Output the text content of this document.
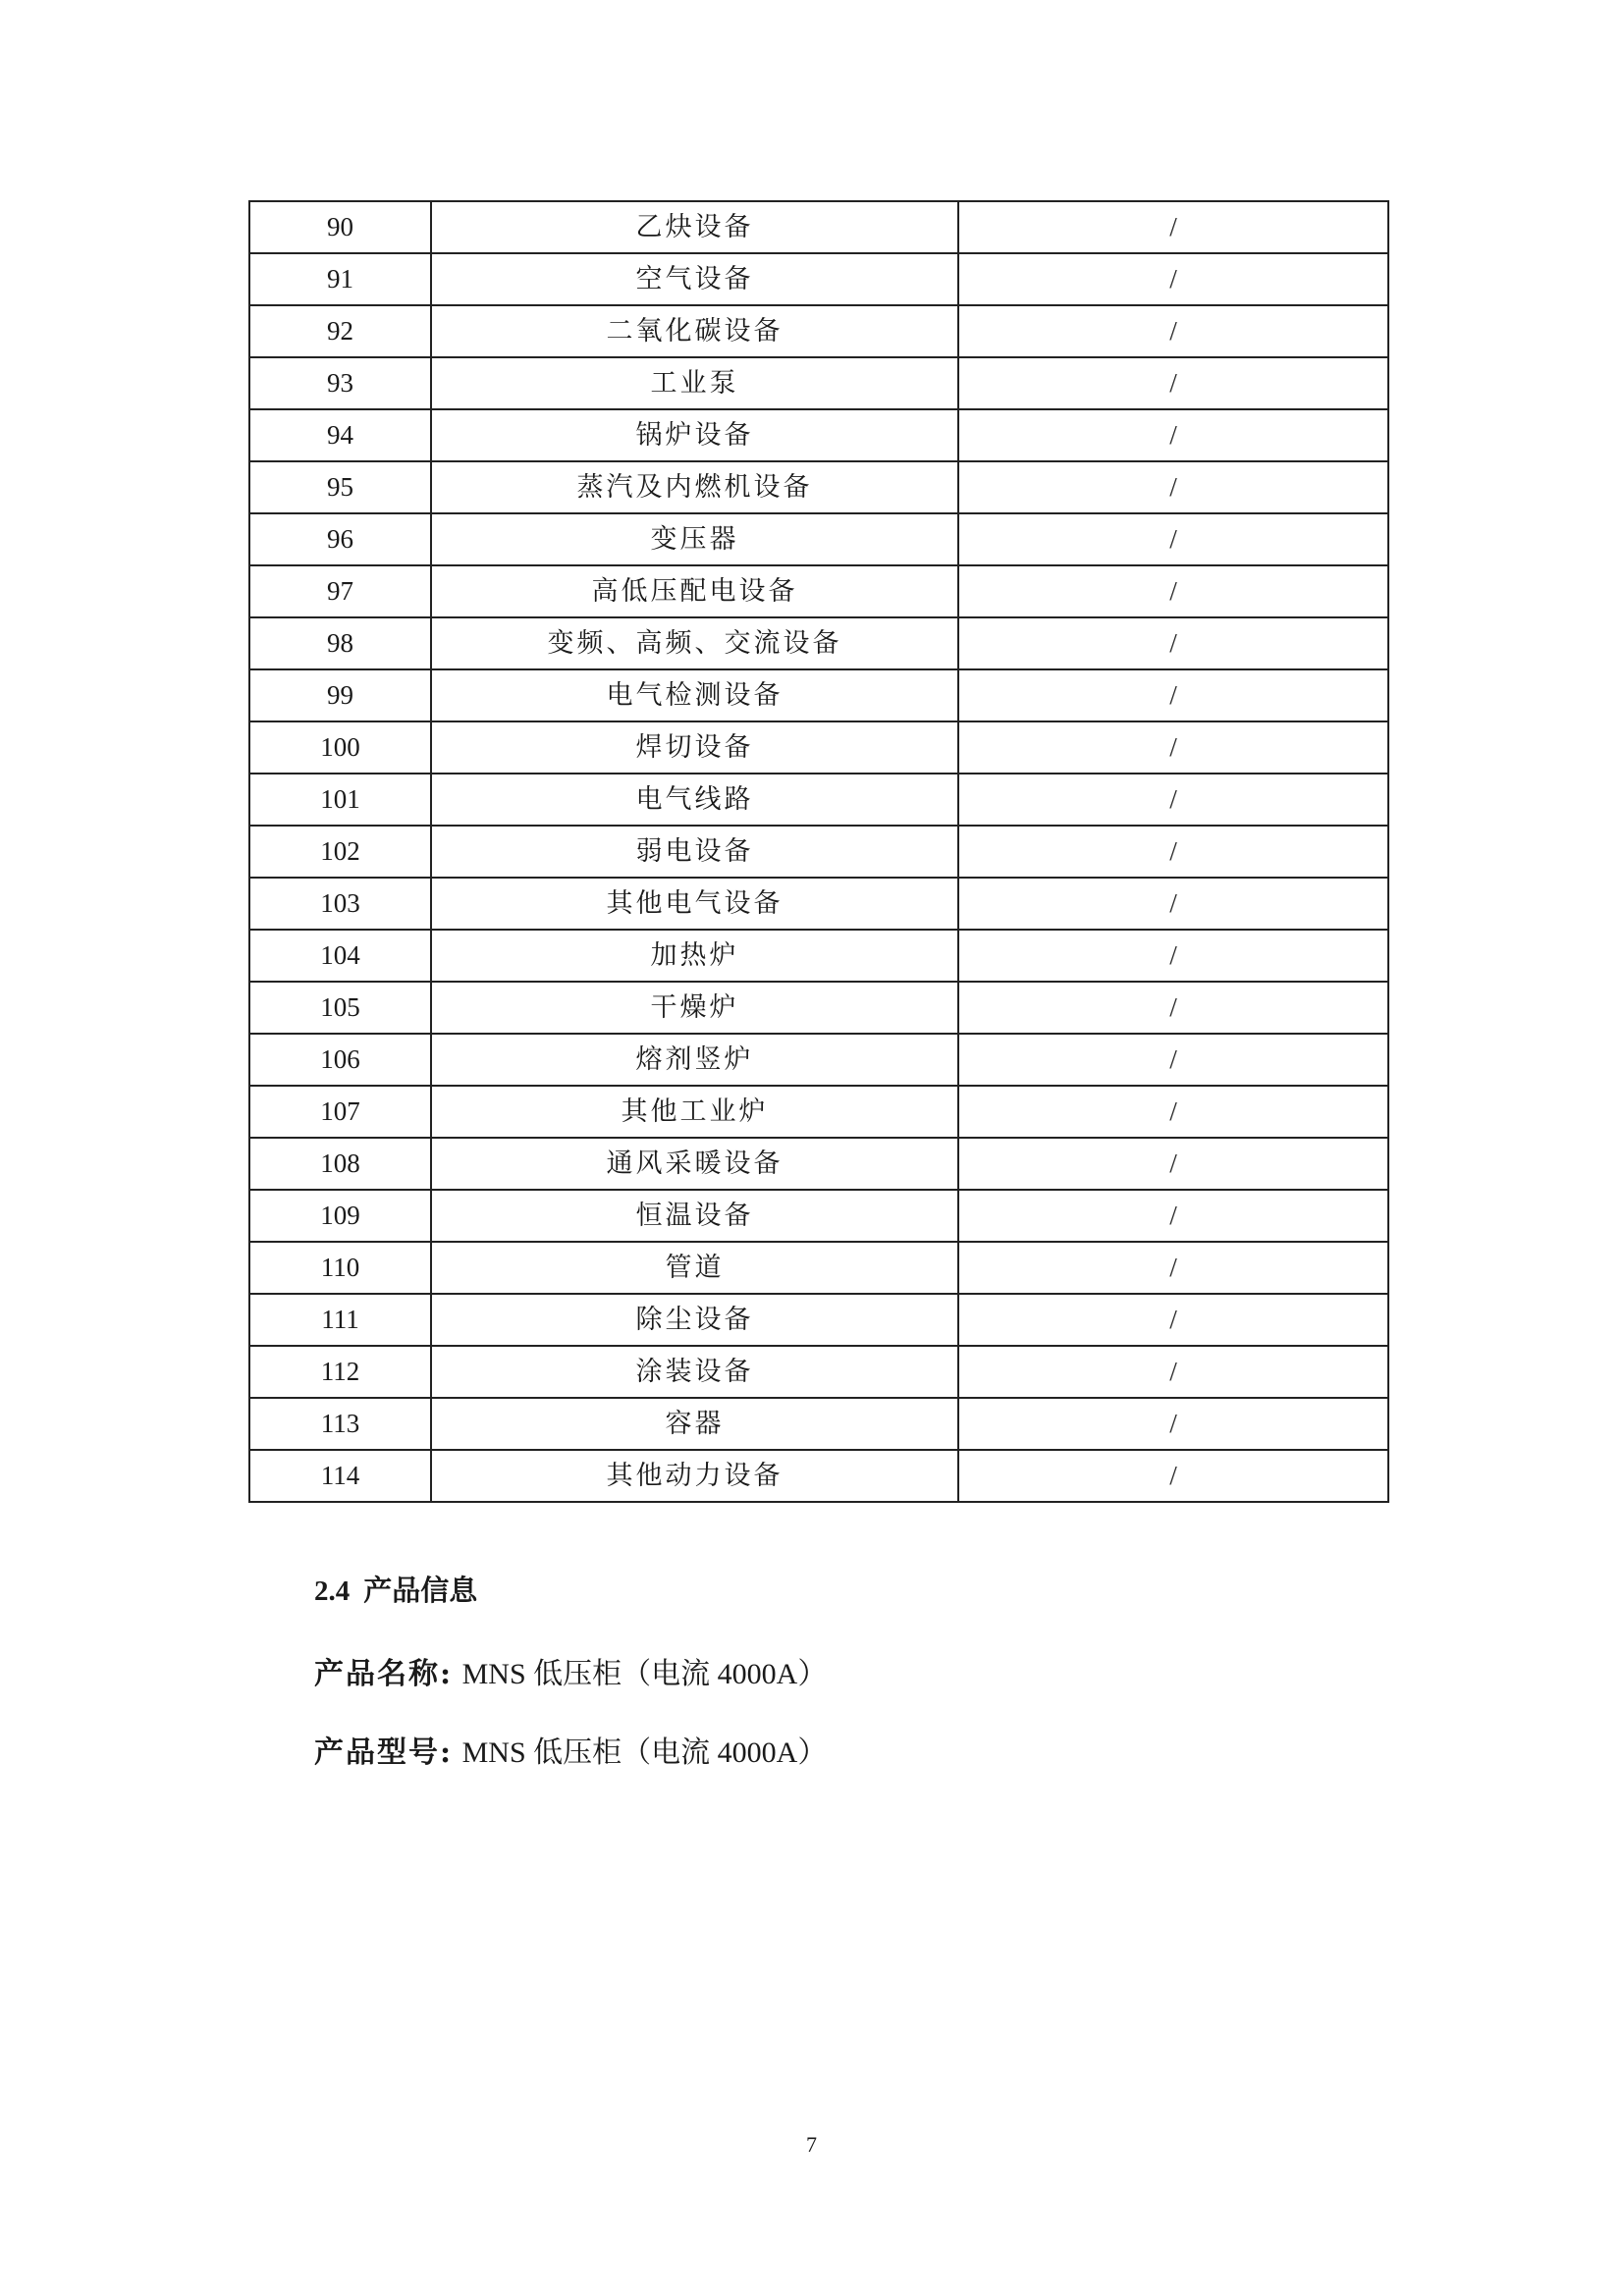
90	乙炔设备	/
91	空气设备	/
92	二氧化碳设备	/
93	工业泵	/
94	锅炉设备	/
95	蒸汽及内燃机设备	/
96	变压器	/
97	高低压配电设备	/
98	变频、高频、交流设备	/
99	电气检测设备	/
100	焊切设备	/
101	电气线路	/
102	弱电设备	/
103	其他电气设备	/
104	加热炉	/
105	干燥炉	/
106	熔剂竖炉	/
107	其他工业炉	/
108	通风采暖设备	/
109	恒温设备	/
110	管道	/
111	除尘设备	/
112	涂装设备	/
113	容器	/
114	其他动力设备	/
2.4 产品信息
产品名称: MNS 低压柜（电流 4000A）
产品型号: MNS 低压柜（电流 4000A）
7
